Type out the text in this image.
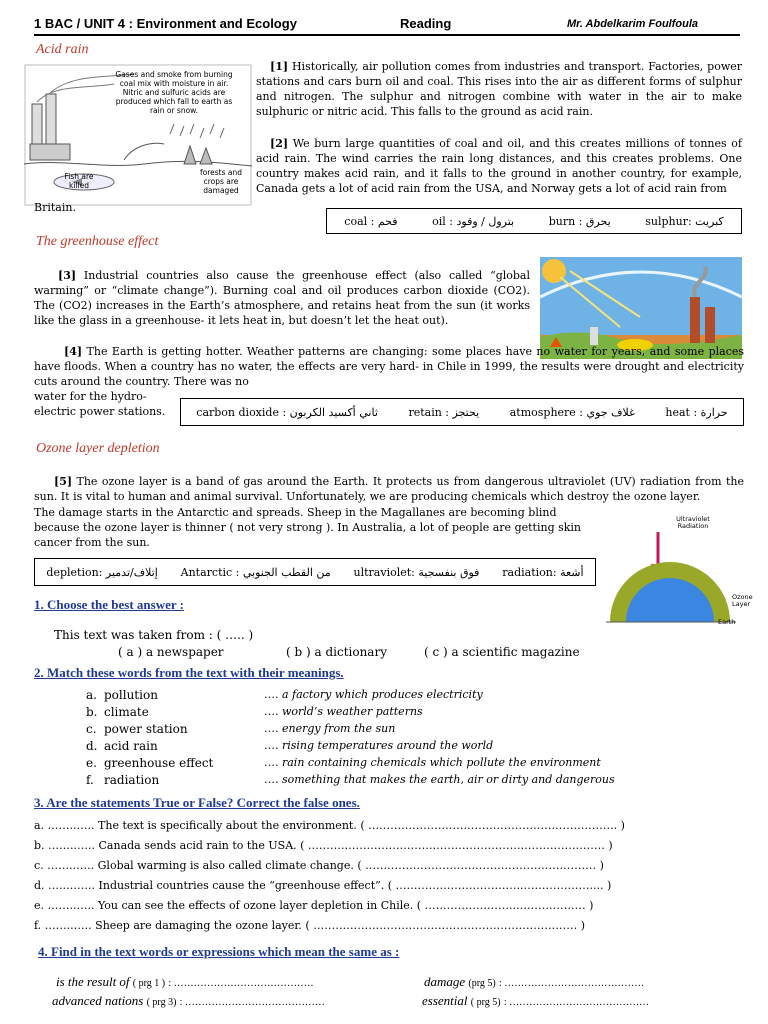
1 BAC / UNIT 4 : Environment and Ecology	Reading	Mr. Abdelkarim Foulfoula
Acid rain
Gases and smoke from burning coal mix with moisture in air. Nitric and sulfuric acids are produced which fall to earth as rain or snow.
Fish are killed
forests and crops are damaged

[1] Historically, air pollution comes from industries and transport. Factories, power stations and cars burn oil and coal. This rises into the air as different forms of sulphur and nitrogen. The sulphur and nitrogen combine with water in the air to make sulphuric or nitric acid. This falls to the ground as acid rain.

[2] We burn large quantities of coal and oil, and this creates millions of tonnes of acid rain. The wind carries the rain long distances, and this creates problems. One country makes acid rain, and it falls to the ground in another country, for example, Canada gets a lot of acid rain from the USA, and Norway gets a lot of acid rain from

Britain.
coal : فحم	oil : بترول / وقود	burn : يحرق	sulphur: كبريت
The greenhouse effect

[3] Industrial countries also cause the greenhouse effect (also called “global warming” or “climate change”). Burning coal and oil produces carbon dioxide (CO2). The (CO2) increases in the Earth’s atmosphere, and retains heat from the sun (it works like the glass in a greenhouse- it lets heat in, but doesn’t let the heat out).

[4] The Earth is getting hotter. Weather patterns are changing: some places have no water for years, and some places have floods. When a country has no water, the effects are very hard- in Chile in 1999, the results were drought and electricity cuts around the country. There was no

water for the hydro-
electric power stations.	carbon dioxide : ثاني أكسيد الكربون	retain : يحتجز	atmosphere : غلاف جوي	heat : حرارة
Ozone layer depletion

[5] The ozone layer is a band of gas around the Earth. It protects us from dangerous ultraviolet (UV) radiation from the sun. It is vital to human and animal survival. Unfortunately, we are producing chemicals which destroy the ozone layer.

The damage starts in the Antarctic and spreads. Sheep in the Magallanes are becoming blind
because the ozone layer is thinner ( not very strong ). In Australia, a lot of people are getting skin
cancer from the sun.
Ultraviolet Radiation
Ozone Layer
Earth
depletion: إتلاف/تدمير Antarctic : من القطب الجنوبي ultraviolet: فوق بنفسجية radiation: أشعة
1. Choose the best answer :
This text was taken from : ( ….. )
( a ) a newspaper	( b ) a dictionary	( c ) a scientific magazine
2. Match these words from the text with their meanings.
a. pollution	…. a factory which produces electricity
b. climate	…. world’s weather patterns
c. power station	…. energy from the sun
d. acid rain	…. rising temperatures around the world
e. greenhouse effect	…. rain containing chemicals which pollute the environment
f. radiation	…. something that makes the earth, air or dirty and dangerous
3. Are the statements True or False? Correct the false ones.
a. ……..….. The text is specifically about the environment. ( ………………………………………………………….. )
b. ……..….. Canada sends acid rain to the USA. ( ……………………………………………………………………… )
c. ……..….. Global warming is also called climate change. ( ……………………………………………………… )
d. …..…….. Industrial countries cause the “greenhouse effect”. ( ……………………………..……………….... )
e. ……..….. You can see the effects of ozone layer depletion in Chile. ( ……………………..……………… )
f. ……..….. Sheep are damaging the ozone layer. ( ……………………………………………………………… )
4. Find in the text words or expressions which mean the same as :
is the result of ( prg 1 ) : ……………………………………	damage (prg 5) : ……………………………………
advanced nations ( prg 3) : ……………………………………	essential ( prg 5) : ……………………………………
